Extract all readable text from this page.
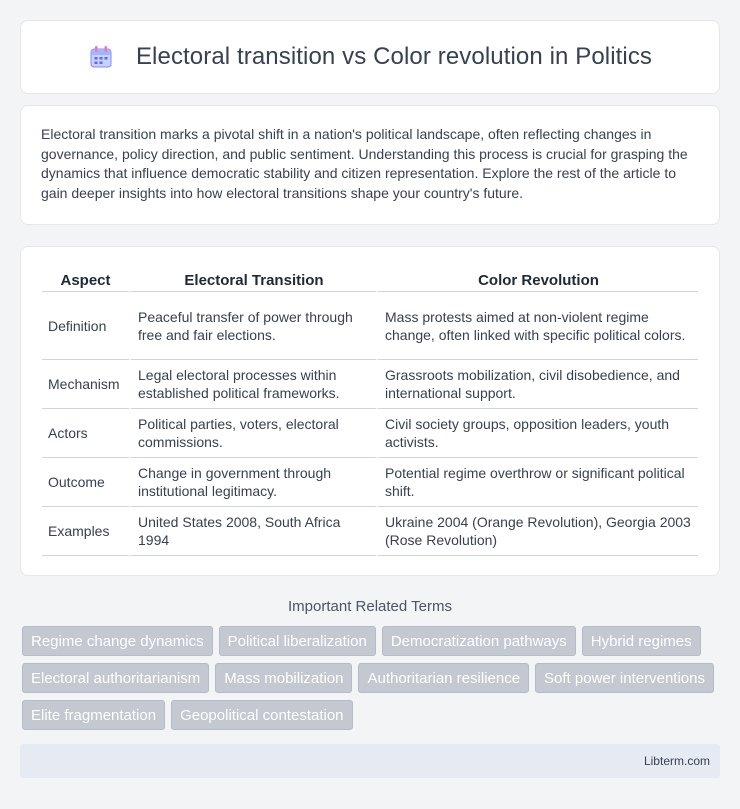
Electoral transition vs Color revolution in Politics

Electoral transition marks a pivotal shift in a nation's political landscape, often reflecting changes in governance, policy direction, and public sentiment. Understanding this process is crucial for grasping the dynamics that influence democratic stability and citizen representation. Explore the rest of the article to gain deeper insights into how electoral transitions shape your country's future.

Aspect	Electoral Transition	Color Revolution
Definition	Peaceful transfer of power through free and fair elections.	Mass protests aimed at non-violent regime change, often linked with specific political colors.
Mechanism	Legal electoral processes within established political frameworks.	Grassroots mobilization, civil disobedience, and international support.
Actors	Political parties, voters, electoral commissions.	Civil society groups, opposition leaders, youth activists.
Outcome	Change in government through institutional legitimacy.	Potential regime overthrow or significant political shift.
Examples	United States 2008, South Africa 1994	Ukraine 2004 (Orange Revolution), Georgia 2003 (Rose Revolution)
Important Related Terms
Regime change dynamics	Political liberalization	Democratization pathways	Hybrid regimes
Electoral authoritarianism	Mass mobilization	Authoritarian resilience	Soft power interventions
Elite fragmentation	Geopolitical contestation
Libterm.com
